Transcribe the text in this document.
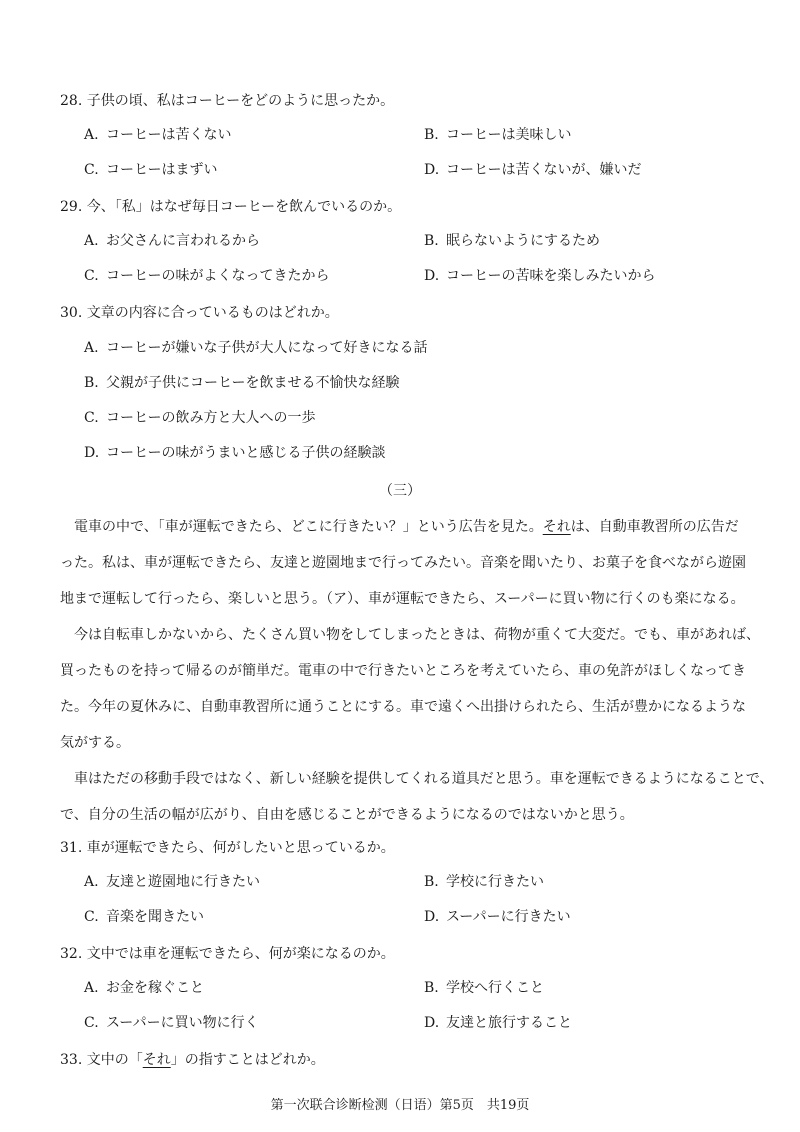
28. 子供の頃、私はコーヒーをどのように思ったか。
A. コーヒーは苦くない	B. コーヒーは美味しい
C. コーヒーはまずい	D. コーヒーは苦くないが、嫌いだ
29. 今、「私」はなぜ毎日コーヒーを飲んでいるのか。
A. お父さんに言われるから	B. 眠らないようにするため
C. コーヒーの味がよくなってきたから	D. コーヒーの苦味を楽しみたいから
30. 文章の内容に合っているものはどれか。
A. コーヒーが嫌いな子供が大人になって好きになる話
B. 父親が子供にコーヒーを飲ませる不愉快な経験
C. コーヒーの飲み方と大人への一歩
D. コーヒーの味がうまいと感じる子供の経験談
（三）
電車の中で、「車が運転できたら、どこに行きたい？」という広告を見た。それは、自動車教習所の広告だ
った。私は、車が運転できたら、友達と遊園地まで行ってみたい。音楽を聞いたり、お菓子を食べながら遊園
地まで運転して行ったら、楽しいと思う。（ア）、車が運転できたら、スーパーに買い物に行くのも楽になる。
今は自転車しかないから、たくさん買い物をしてしまったときは、荷物が重くて大変だ。でも、車があれば、
買ったものを持って帰るのが簡単だ。電車の中で行きたいところを考えていたら、車の免許がほしくなってき
た。今年の夏休みに、自動車教習所に通うことにする。車で遠くへ出掛けられたら、生活が豊かになるような
気がする。
車はただの移動手段ではなく、新しい経験を提供してくれる道具だと思う。車を運転できるようになることで、
で、自分の生活の幅が広がり、自由を感じることができるようになるのではないかと思う。
31. 車が運転できたら、何がしたいと思っているか。
A. 友達と遊園地に行きたい	B. 学校に行きたい
C. 音楽を聞きたい	D. スーパーに行きたい
32. 文中では車を運転できたら、何が楽になるのか。
A. お金を稼ぐこと	B. 学校へ行くこと
C. スーパーに買い物に行く	D. 友達と旅行すること
33. 文中の「それ」の指すことはどれか。
第一次联合诊断检测（日语）第5页　共19页
